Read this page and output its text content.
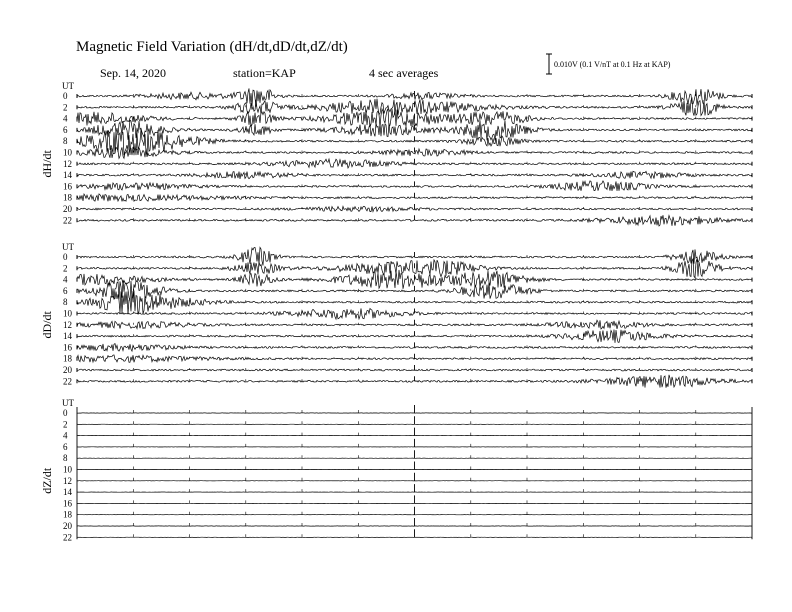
Magnetic Field Variation (dH/dt,dD/dt,dZ/dt)
Sep. 14, 2020	station=KAP	4 sec averages
0.010V (0.1 V/nT at 0.1 Hz at KAP)
UT
dH/dt
0
2
4
6
8
10
12
14
16
18
20
22
UT
dD/dt
0
2
4
6
8
10
12
14
16
18
20
22
UT
dZ/dt
0
2
4
6
8
10
12
14
16
18
20
22
